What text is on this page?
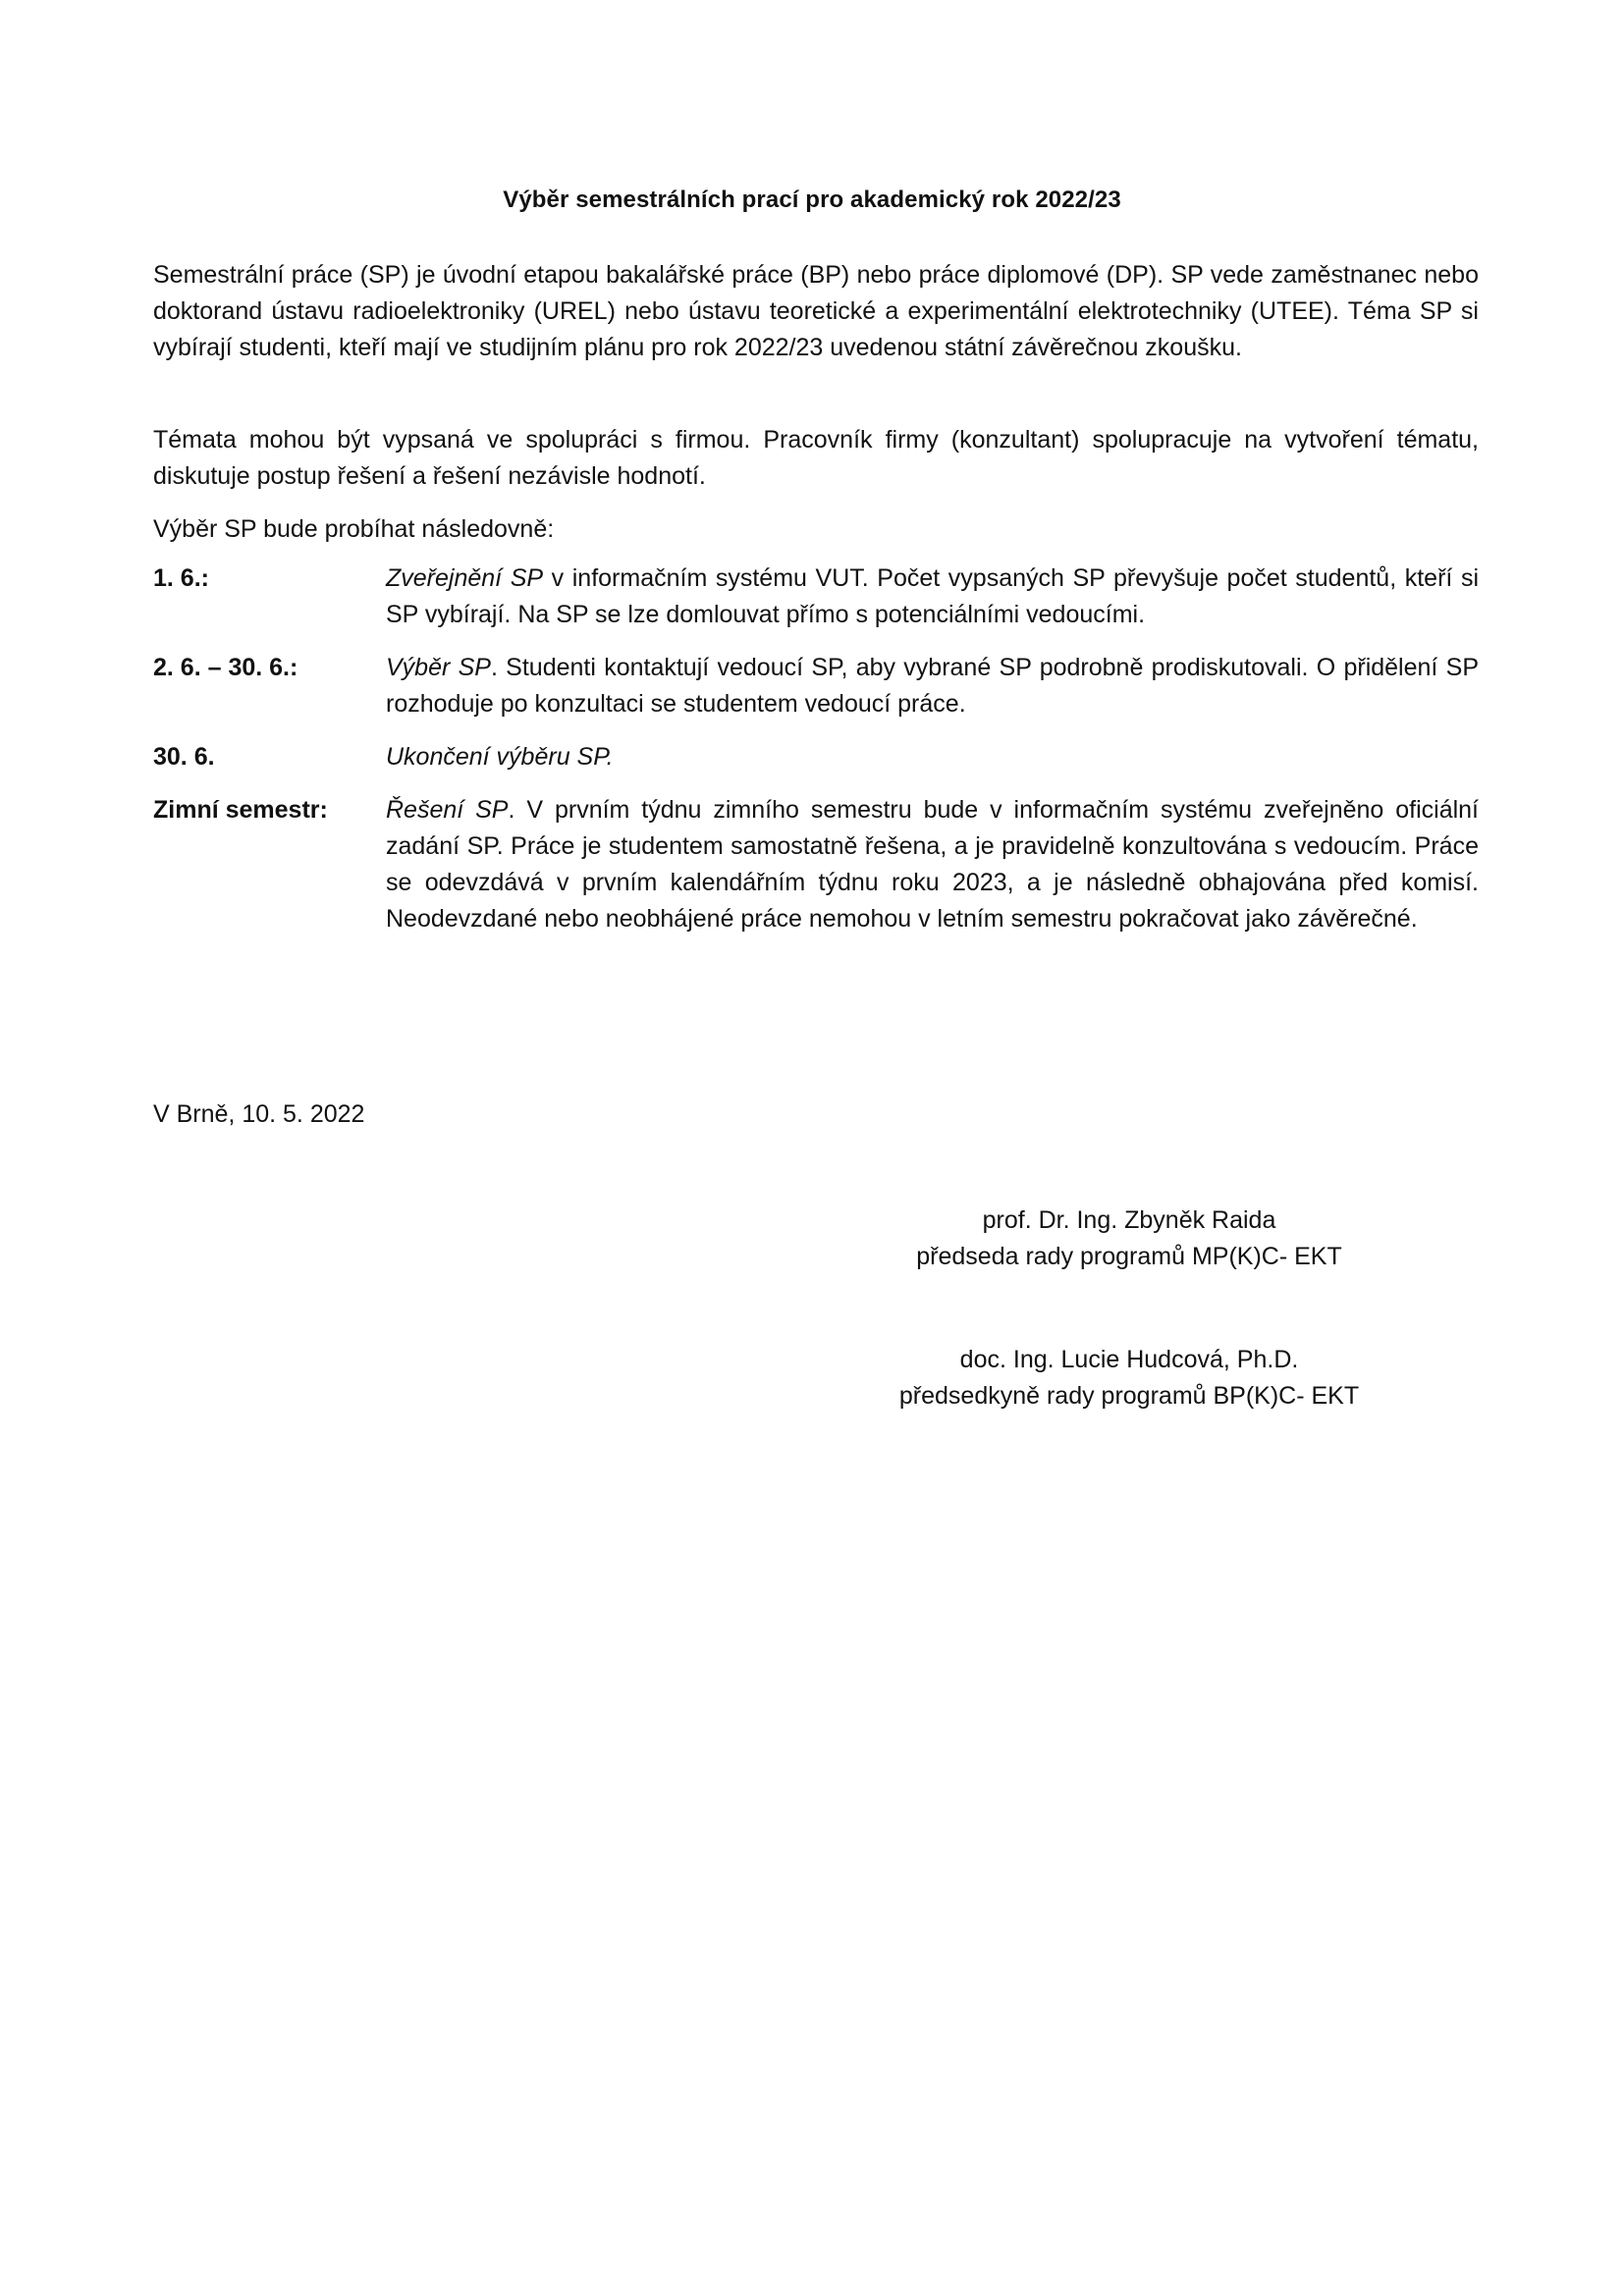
Výběr semestrálních prací pro akademický rok 2022/23
Semestrální práce (SP) je úvodní etapou bakalářské práce (BP) nebo práce diplomové (DP). SP vede zaměstnanec nebo doktorand ústavu radioelektroniky (UREL) nebo ústavu teoretické a experimentální elektrotechniky (UTEE). Téma SP si vybírají studenti, kteří mají ve studijním plánu pro rok 2022/23 uvedenou státní závěrečnou zkoušku.
Témata mohou být vypsaná ve spolupráci s firmou. Pracovník firmy (konzultant) spolupracuje na vytvoření tématu, diskutuje postup řešení a řešení nezávisle hodnotí.
Výběr SP bude probíhat následovně:
1. 6.:	Zveřejnění SP v informačním systému VUT. Počet vypsaných SP převyšuje počet studentů, kteří si SP vybírají. Na SP se lze domlouvat přímo s potenciálními vedoucími.
2. 6. – 30. 6.:	Výběr SP. Studenti kontaktují vedoucí SP, aby vybrané SP podrobně prodiskutovali. O přidělení SP rozhoduje po konzultaci se studentem vedoucí práce.
30. 6.	Ukončení výběru SP.
Zimní semestr:	Řešení SP. V prvním týdnu zimního semestru bude v informačním systému zveřejněno oficiální zadání SP. Práce je studentem samostatně řešena, a je pravidelně konzultována s vedoucím. Práce se odevzdává v prvním kalendářním týdnu roku 2023, a je následně obhajována před komisí. Neodevzdané nebo neobhájené práce nemohou v letním semestru pokračovat jako závěrečné.
V Brně, 10. 5. 2022
prof. Dr. Ing. Zbyněk Raida
předseda rady programů MP(K)C- EKT
doc. Ing. Lucie Hudcová, Ph.D.
předsedkyně rady programů BP(K)C- EKT
